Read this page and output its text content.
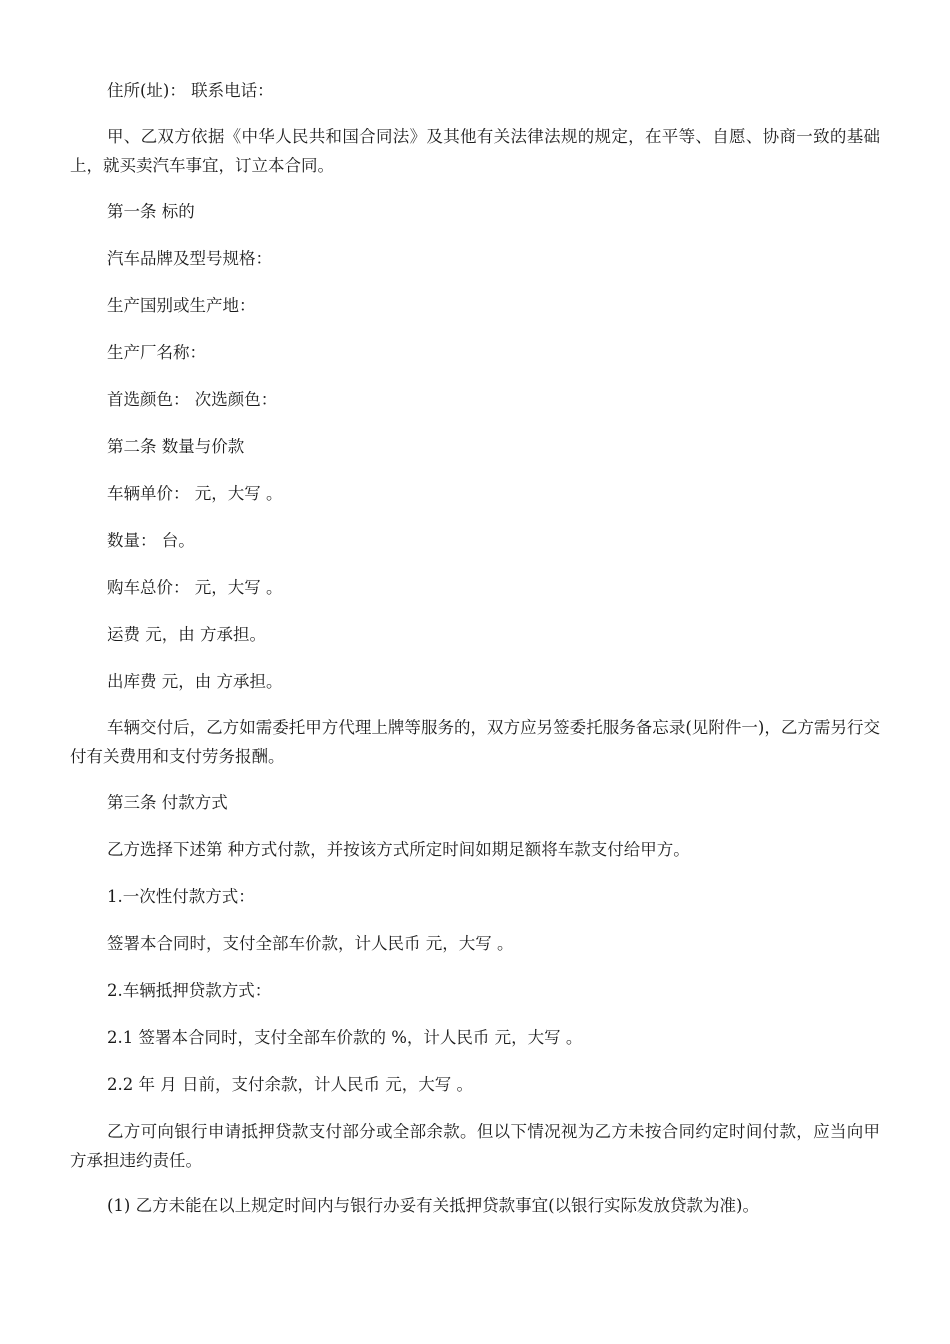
住所(址)： 联系电话：

甲、乙双方依据《中华人民共和国合同法》及其他有关法律法规的规定，在平等、自愿、协商一致的基础上，就买卖汽车事宜，订立本合同。

第一条 标的

汽车品牌及型号规格：

生产国别或生产地：

生产厂名称：

首选颜色： 次选颜色：

第二条 数量与价款

车辆单价： 元，大写 。

数量： 台。

购车总价： 元，大写 。

运费 元，由 方承担。

出库费 元，由 方承担。

车辆交付后，乙方如需委托甲方代理上牌等服务的，双方应另签委托服务备忘录(见附件一)，乙方需另行交付有关费用和支付劳务报酬。

第三条 付款方式

乙方选择下述第 种方式付款，并按该方式所定时间如期足额将车款支付给甲方。

1.一次性付款方式：

签署本合同时，支付全部车价款，计人民币 元，大写 。

2.车辆抵押贷款方式：

2.1 签署本合同时，支付全部车价款的 %，计人民币 元，大写 。

2.2 年 月 日前，支付余款，计人民币 元，大写 。

乙方可向银行申请抵押贷款支付部分或全部余款。但以下情况视为乙方未按合同约定时间付款，应当向甲方承担违约责任。

(1) 乙方未能在以上规定时间内与银行办妥有关抵押贷款事宜(以银行实际发放贷款为准)。
